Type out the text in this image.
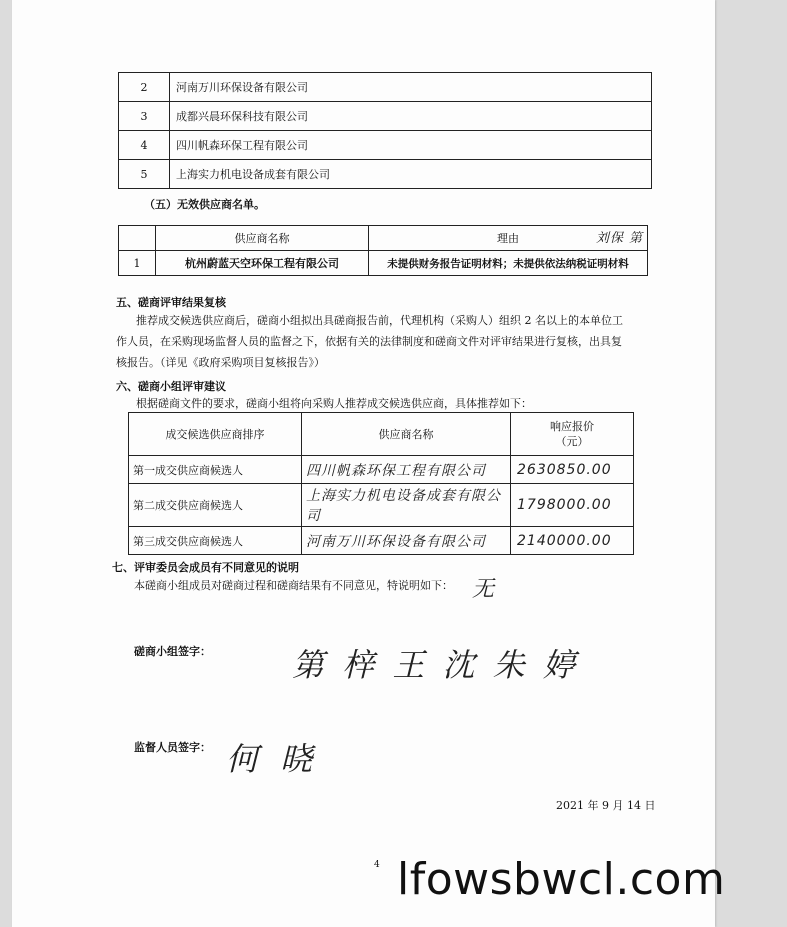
2	河南万川环保设备有限公司
3	成都兴晨环保科技有限公司
4	四川帆森环保工程有限公司
5	上海实力机电设备成套有限公司
（五）无效供应商名单。
	供应商名称	理由 刘保 第

1	杭州蔚蓝天空环保工程有限公司	未提供财务报告证明材料；未提供依法纳税证明材料
五、磋商评审结果复核
推荐成交候选供应商后，磋商小组拟出具磋商报告前，代理机构（采购人）组织 2 名以上的本单位工
作人员，在采购现场监督人员的监督之下，依据有关的法律制度和磋商文件对评审结果进行复核，出具复
核报告。（详见《政府采购项目复核报告》）
六、磋商小组评审建议
根据磋商文件的要求，磋商小组将向采购人推荐成交候选供应商，具体推荐如下：
成交候选供应商排序	供应商名称	响应报价
（元）

第一成交供应商候选人	四川帆森环保工程有限公司	2630850.00
第二成交供应商候选人	上海实力机电设备成套有限公司	1798000.00
第三成交供应商候选人	河南万川环保设备有限公司	2140000.00
七、评审委员会成员有不同意见的说明
本磋商小组成员对磋商过程和磋商结果有不同意见，特说明如下： 无
磋商小组签字：	第 梓 王 沈 朱 婷
监督人员签字： 何 晓
2021 年 9 月 14 日
4 lfowsbwcl.com
